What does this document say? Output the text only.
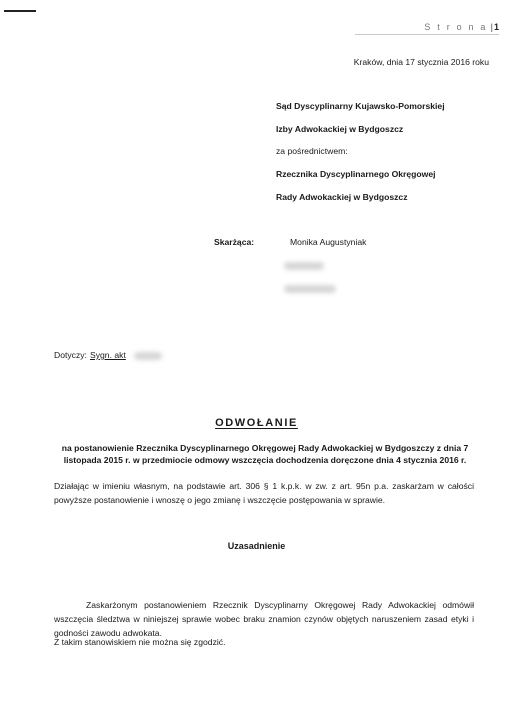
S t r o n a |1
Kraków, dnia 17 stycznia 2016 roku
Sąd Dyscyplinarny Kujawsko-Pomorskiej
Izby Adwokackiej w Bydgoszcz
za pośrednictwem:
Rzecznika Dyscyplinarnego Okręgowej
Rady Adwokackiej w Bydgoszcz
Skarżąca:	Monika Augustyniak
Dotyczy: Sygn. akt
ODWOŁANIE
na postanowienie Rzecznika Dyscyplinarnego Okręgowej Rady Adwokackiej w Bydgoszczy z dnia 7 listopada 2015 r. w przedmiocie odmowy wszczęcia dochodzenia doręczone dnia 4 stycznia 2016 r.
Działając w imieniu własnym, na podstawie art. 306 § 1 k.p.k. w zw. z art. 95n p.a. zaskarżam w całości powyższe postanowienie i wnoszę o jego zmianę i wszczęcie postępowania w sprawie.
Uzasadnienie
Zaskarżonym postanowieniem Rzecznik Dyscyplinarny Okręgowej Rady Adwokackiej odmówił wszczęcia śledztwa w niniejszej sprawie wobec braku znamion czynów objętych naruszeniem zasad etyki i godności zawodu adwokata.
Z takim stanowiskiem nie można się zgodzić.
